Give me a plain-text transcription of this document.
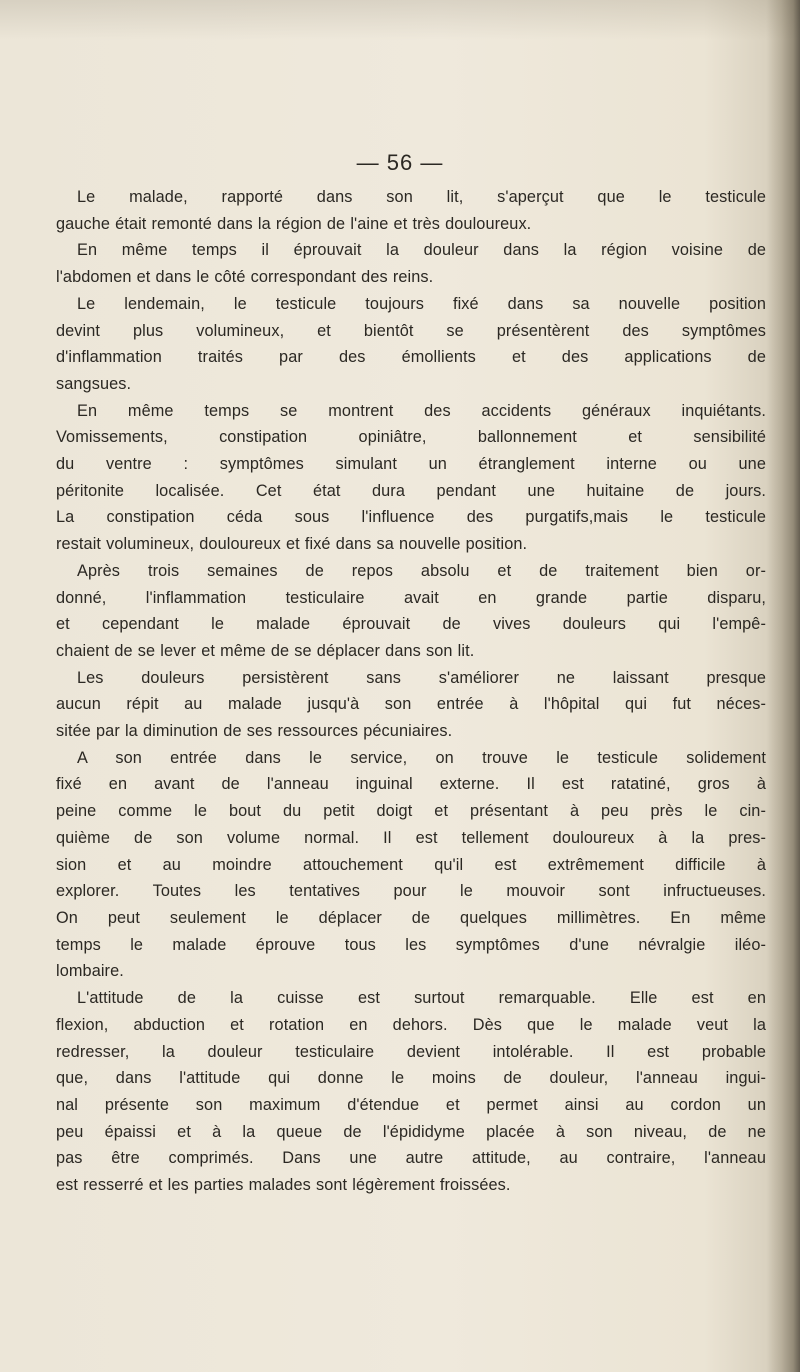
— 56 —
Le malade, rapporté dans son lit, s'aperçut que le testicule
gauche était remonté dans la région de l'aine et très douloureux.
En même temps il éprouvait la douleur dans la région voisine de
l'abdomen et dans le côté correspondant des reins.
Le lendemain, le testicule toujours fixé dans sa nouvelle position
devint plus volumineux, et bientôt se présentèrent des symptômes
d'inflammation traités par des émollients et des applications de
sangsues.
En même temps se montrent des accidents généraux inquiétants.
Vomissements, constipation opiniâtre, ballonnement et sensibilité
du ventre : symptômes simulant un étranglement interne ou une
péritonite localisée. Cet état dura pendant une huitaine de jours.
La constipation céda sous l'influence des purgatifs,mais le testicule
restait volumineux, douloureux et fixé dans sa nouvelle position.
Après trois semaines de repos absolu et de traitement bien or-
donné, l'inflammation testiculaire avait en grande partie disparu,
et cependant le malade éprouvait de vives douleurs qui l'empê-
chaient de se lever et même de se déplacer dans son lit.
Les douleurs persistèrent sans s'améliorer ne laissant presque
aucun répit au malade jusqu'à son entrée à l'hôpital qui fut néces-
sitée par la diminution de ses ressources pécuniaires.
A son entrée dans le service, on trouve le testicule solidement
fixé en avant de l'anneau inguinal externe. Il est ratatiné, gros à
peine comme le bout du petit doigt et présentant à peu près le cin-
quième de son volume normal. Il est tellement douloureux à la pres-
sion et au moindre attouchement qu'il est extrêmement difficile à
explorer. Toutes les tentatives pour le mouvoir sont infructueuses.
On peut seulement le déplacer de quelques millimètres. En même
temps le malade éprouve tous les symptômes d'une névralgie iléo-
lombaire.
L'attitude de la cuisse est surtout remarquable. Elle est en
flexion, abduction et rotation en dehors. Dès que le malade veut la
redresser, la douleur testiculaire devient intolérable. Il est probable
que, dans l'attitude qui donne le moins de douleur, l'anneau ingui-
nal présente son maximum d'étendue et permet ainsi au cordon un
peu épaissi et à la queue de l'épididyme placée à son niveau, de ne
pas être comprimés. Dans une autre attitude, au contraire, l'anneau
est resserré et les parties malades sont légèrement froissées.
